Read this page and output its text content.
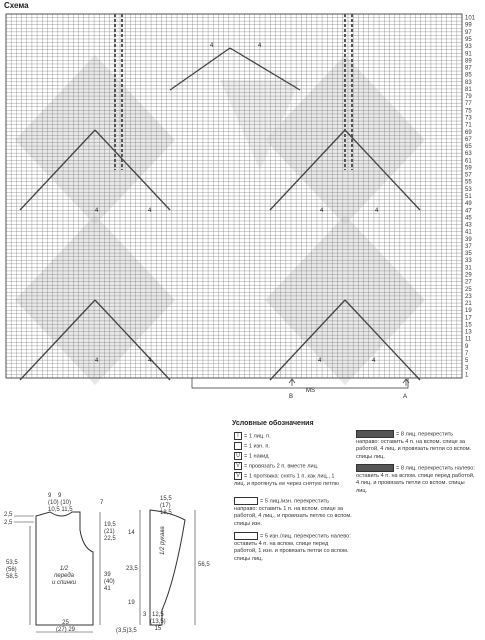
Схема
4	4
4	4	4	4
4	4	4	4
101
99
97
95
93
91
89
87
85
83
81
79
77
75
73
71
69
67
65
63
61
59
57
55
53
51
49
47
45
43
41
39
37
35
33
31
29
27
25
23
21
19
17
15
13
11
9
7
5
3
1
MS
B	A
Условные обозначения
I = 1 лиц. п.
= 1 изн. п.
U = 1 накид
V = провязать 2 п. вместе лиц.
V = 1 протяжка: снять 1 п. как лиц., 1 лиц. и протянуть ее через снятую петлю
= 5 лиц./изн. перекрестить направо: оставить 1 п. на вспом. спице за работой, 4 лиц., и провязать петлю со вспом. спицы изн.
= 5 изн./лиц. перекрестить налево: оставить 4 п. на вспом. спице перед работой, 1 изн. и провязать петли со вспом. спицы лиц.
= 8 лиц. перекрестить направо: оставить 4 п. на вспом. спице за работой, 4 лиц. и провязать петли со вспом. спицы лиц.
= 8 лиц. перекрестить налево: оставить 4 п. на вспом. спице перед работой, 4 лиц. и провязать петли со вспом. спицы лиц.
9 9
(10) (10)
10,5 11,5
7
2,5
2,5
53,5
(56)
58,5
19,5
(21)
22,5
39
(40)
41
1/2
переда
и спинки
25
(27) 29
15,5
(17)
18,5
14
23,5
19
56,5
1/2 рукава
3 12,5
(13,5)
15
(3,5)3,5
